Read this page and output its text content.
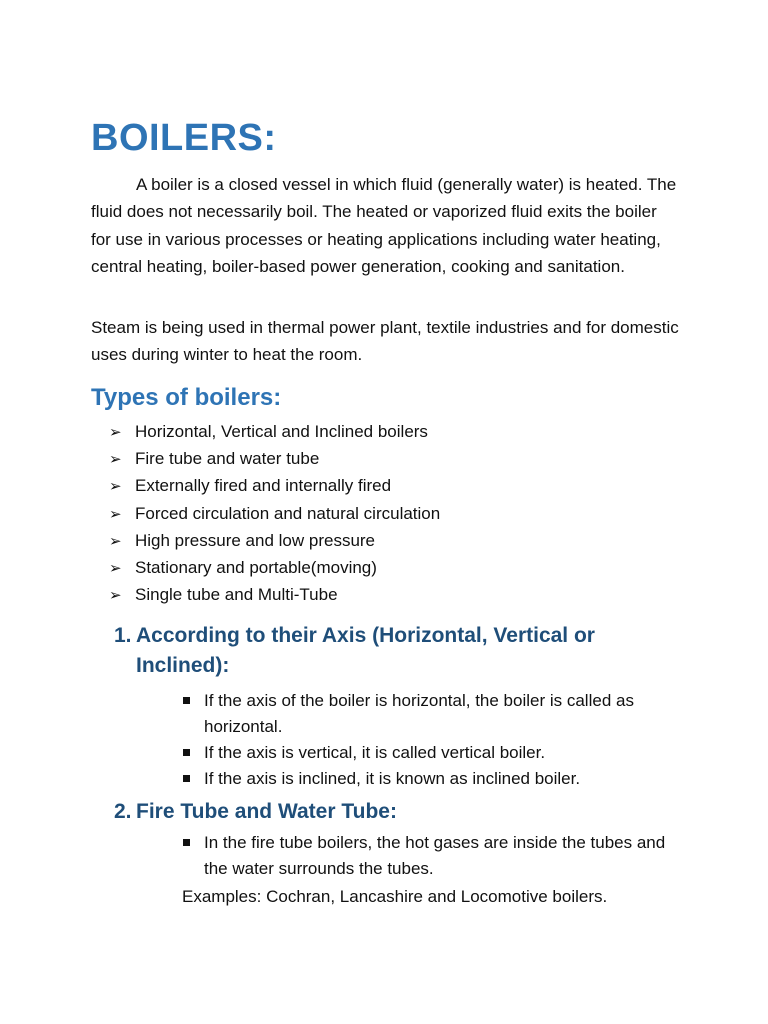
BOILERS:

A boiler is a closed vessel in which fluid (generally water) is heated. The fluid does not necessarily boil. The heated or vaporized fluid exits the boiler for use in various processes or heating applications including water heating, central heating, boiler-based power generation, cooking and sanitation.

Steam is being used in thermal power plant, textile industries and for domestic uses during winter to heat the room.

Types of boilers:
➢ Horizontal, Vertical and Inclined boilers
➢ Fire tube and water tube
➢ Externally fired and internally fired
➢ Forced circulation and natural circulation
➢ High pressure and low pressure
➢ Stationary and portable(moving)
➢ Single tube and Multi-Tube
1. According to their Axis (Horizontal, Vertical or
Inclined):
If the axis of the boiler is horizontal, the boiler is called as horizontal.
If the axis is vertical, it is called vertical boiler.
If the axis is inclined, it is known as inclined boiler.
2. Fire Tube and Water Tube:
In the fire tube boilers, the hot gases are inside the tubes and the water surrounds the tubes.

Examples: Cochran, Lancashire and Locomotive boilers.
